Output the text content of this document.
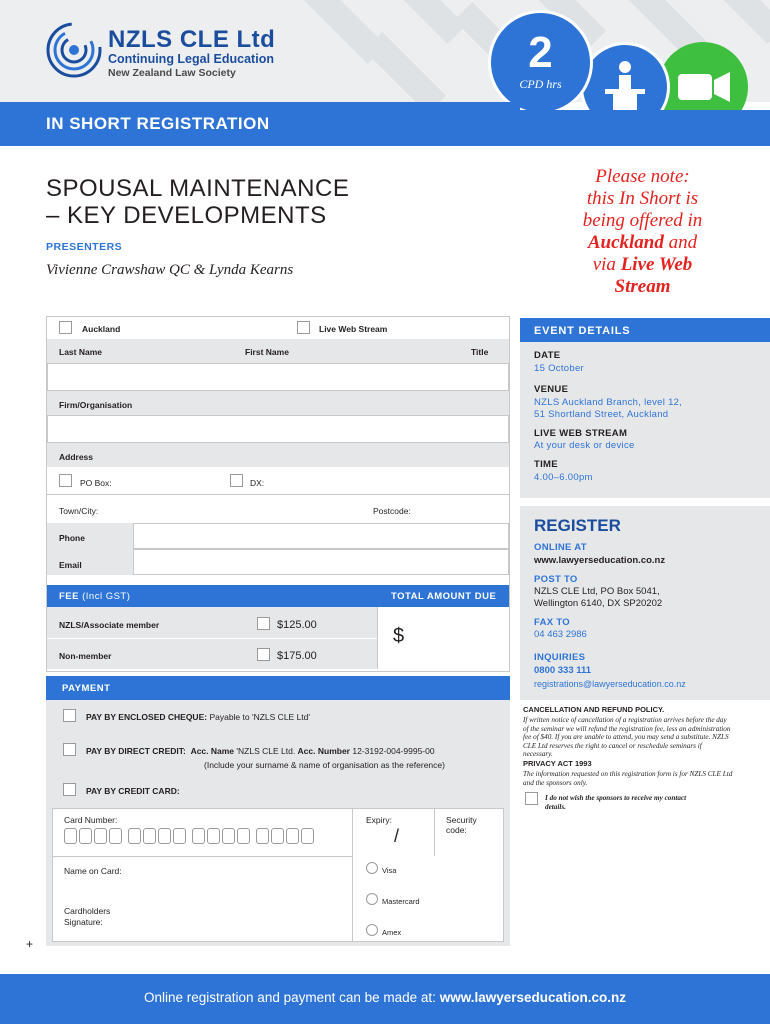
NZLS CLE Ltd
Continuing Legal Education
New Zealand Law Society	2
CPD hrs
IN SHORT REGISTRATION
SPOUSAL MAINTENANCE
– KEY DEVELOPMENTS
PRESENTERS
Vivienne Crawshaw QC & Lynda Kearns
Please note:
this In Short is
being offered in
Auckland and
via Live Web
Stream
Auckland	Live Web Stream
Last Name	First Name	Title
Firm/Organisation
Address
PO Box:	DX:
Town/City:	Postcode:
Phone
Email
FEE (Incl GST)	TOTAL AMOUNT DUE
NZLS/Associate member	$125.00
Non-member	$175.00
$
PAYMENT
PAY BY ENCLOSED CHEQUE: Payable to 'NZLS CLE Ltd'
PAY BY DIRECT CREDIT: Acc. Name 'NZLS CLE Ltd. Acc. Number 12-3192-004-9995-00
(Include your surname & name of organisation as the reference)
PAY BY CREDIT CARD:
Card Number:	Expiry:
/
Security code:
Name on Card:
Cardholders Signature:
Visa
Mastercard
Amex
+
EVENT DETAILS
DATE
15 October
VENUE
NZLS Auckland Branch, level 12,
51 Shortland Street, Auckland
LIVE WEB STREAM
At your desk or device
TIME
4.00–6.00pm
REGISTER
ONLINE AT
www.lawyerseducation.co.nz
POST TO
NZLS CLE Ltd, PO Box 5041,
Wellington 6140, DX SP20202
FAX TO
04 463 2986
INQUIRIES
0800 333 111
registrations@lawyerseducation.co.nz
CANCELLATION AND REFUND POLICY.
If written notice of cancellation of a registration arrives before the day of the seminar we will refund the registration fee, less an administration fee of $40. If you are unable to attend, you may send a substitute. NZLS CLE Ltd reserves the right to cancel or reschedule seminars if necessary.
PRIVACY ACT 1993
The information requested on this registration form is for NZLS CLE Ltd and the sponsors only.
I do not wish the sponsors to receive my contact details.
Online registration and payment can be made at: www.lawyerseducation.co.nz
